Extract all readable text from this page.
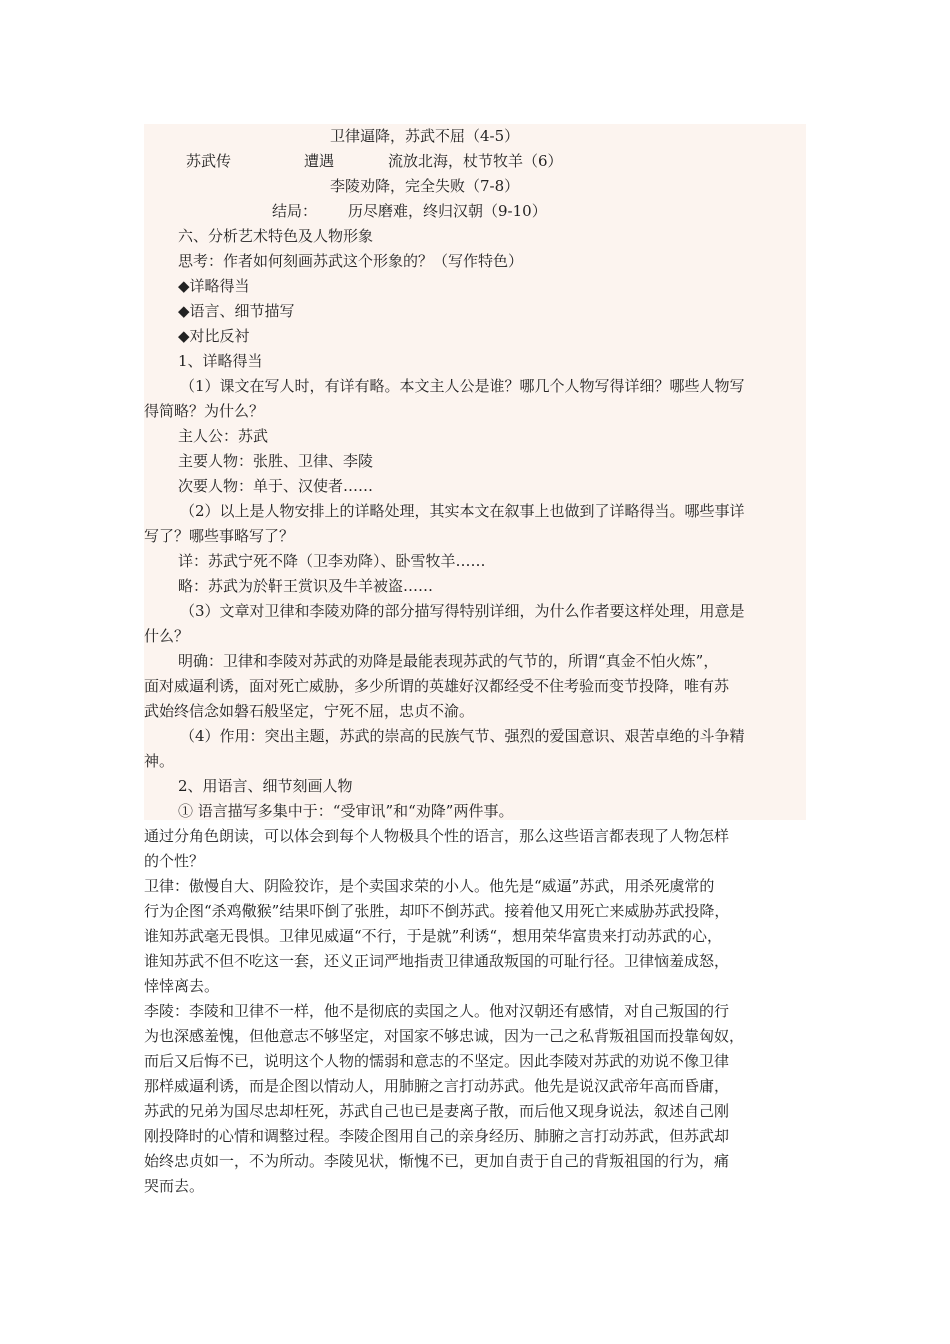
卫律逼降，苏武不屈（4-5）
苏武传	遭遇	流放北海，杖节牧羊（6）
李陵劝降，完全失败（7-8）
结局： 历尽磨难，终归汉朝（9-10）
六、分析艺术特色及人物形象
思考：作者如何刻画苏武这个形象的？（写作特色）
◆详略得当
◆语言、细节描写
◆对比反衬
1、详略得当
（1）课文在写人时，有详有略。本文主人公是谁？哪几个人物写得详细？哪些人物写
得简略？为什么？
主人公：苏武
主要人物：张胜、卫律、李陵
次要人物：单于、汉使者……
（2）以上是人物安排上的详略处理，其实本文在叙事上也做到了详略得当。哪些事详
写了？哪些事略写了？
详：苏武宁死不降（卫李劝降）、卧雪牧羊……
略：苏武为於靬王赏识及牛羊被盗……
（3）文章对卫律和李陵劝降的部分描写得特别详细，为什么作者要这样处理，用意是
什么？
明确：卫律和李陵对苏武的劝降是最能表现苏武的气节的，所谓“真金不怕火炼”，
面对威逼利诱，面对死亡威胁，多少所谓的英雄好汉都经受不住考验而变节投降，唯有苏
武始终信念如磐石般坚定，宁死不屈，忠贞不渝。
（4）作用：突出主题，苏武的崇高的民族气节、强烈的爱国意识、艰苦卓绝的斗争精
神。
2、用语言、细节刻画人物
① 语言描写多集中于：“受审讯”和“劝降”两件事。
通过分角色朗读，可以体会到每个人物极具个性的语言，那么这些语言都表现了人物怎样
的个性？
卫律：傲慢自大、阴险狡诈，是个卖国求荣的小人。他先是“威逼”苏武，用杀死虞常的
行为企图“杀鸡儆猴”结果吓倒了张胜，却吓不倒苏武。接着他又用死亡来威胁苏武投降，
谁知苏武毫无畏惧。卫律见威逼“不行，于是就”利诱“，想用荣华富贵来打动苏武的心，
谁知苏武不但不吃这一套，还义正词严地指责卫律通敌叛国的可耻行径。卫律恼羞成怒，
悻悻离去。
李陵：李陵和卫律不一样，他不是彻底的卖国之人。他对汉朝还有感情，对自己叛国的行
为也深感羞愧，但他意志不够坚定，对国家不够忠诚，因为一己之私背叛祖国而投靠匈奴，
而后又后悔不已，说明这个人物的懦弱和意志的不坚定。因此李陵对苏武的劝说不像卫律
那样威逼利诱，而是企图以情动人，用肺腑之言打动苏武。他先是说汉武帝年高而昏庸，
苏武的兄弟为国尽忠却枉死，苏武自己也已是妻离子散，而后他又现身说法，叙述自己刚
刚投降时的心情和调整过程。李陵企图用自己的亲身经历、肺腑之言打动苏武，但苏武却
始终忠贞如一，不为所动。李陵见状，惭愧不已，更加自责于自己的背叛祖国的行为，痛
哭而去。
